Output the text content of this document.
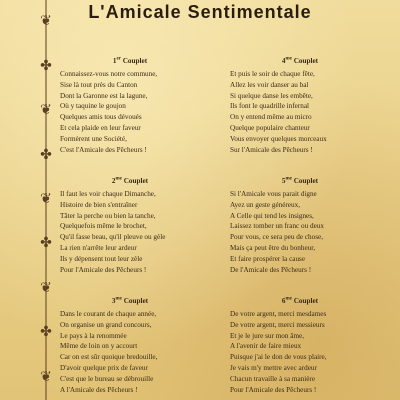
L'Amicale Sentimentale
❦
✤
❦
✤
❦
✤
❦
✤
❦
1er Couplet
Connaissez-vous notre commune,
Sise là tout près du Canton
Dont la Garonne est la lagune,
Où y taquine le goujon
Quelques amis tous dévoués
Et cela plaide en leur faveur
Formèrent une Société,
C'est l'Amicale des Pêcheurs !
$2^{me}$ Couplet
Il faut les voir chaque Dimanche,
Histoire de bien s'entraîner
Tâter la perche ou bien la tanche,
Quelquefois même le brochet,
Qu'il fasse beau, qu'il pleuve ou gèle
La rien n'arrête leur ardeur
Ils y dépensent tout leur zèle
Pour l'Amicale des Pêcheurs !
$3^{me}$ Couplet
Dans le courant de chaque année,
On organise un grand concours,
Le pays à la renommée
Même de loin on y accourt
Car on est sûr quoique bredouille,
D'avoir quelque prix de faveur
C'est que le bureau se débrouille
A l'Amicale des Pêcheurs !
$4^{me}$ Couplet
Et puis le soir de chaque fête,
Allez les voir danser au bal
Si quelque danse les embête,
Ils font le quadrille infernal
On y entend même au micro
Quelque populaire chanteur
Vous envoyer quelques morceaux
Sur l'Amicale des Pêcheurs !
$5^{me}$ Couplet
Si l'Amicale vous parait digne
Ayez un geste généreux,
A Celle qui tend les insignes,
Laissez tomber un franc ou deux
Pour vous, ce sera peu de chose,
Mais ça peut être du bonheur,
Et faire prospérer la cause
De l'Amicale des Pêcheurs !
$6^{me}$ Couplet
De votre argent, merci mesdames
De votre argent, merci messieurs
Et je le jure sur mon âme,
A l'avenir de faire mieux
Puisque j'ai le don de vous plaire,
Je vais m'y mettre avec ardeur
Chacun travaille à sa manière
Pour l'Amicale des Pêcheurs !
